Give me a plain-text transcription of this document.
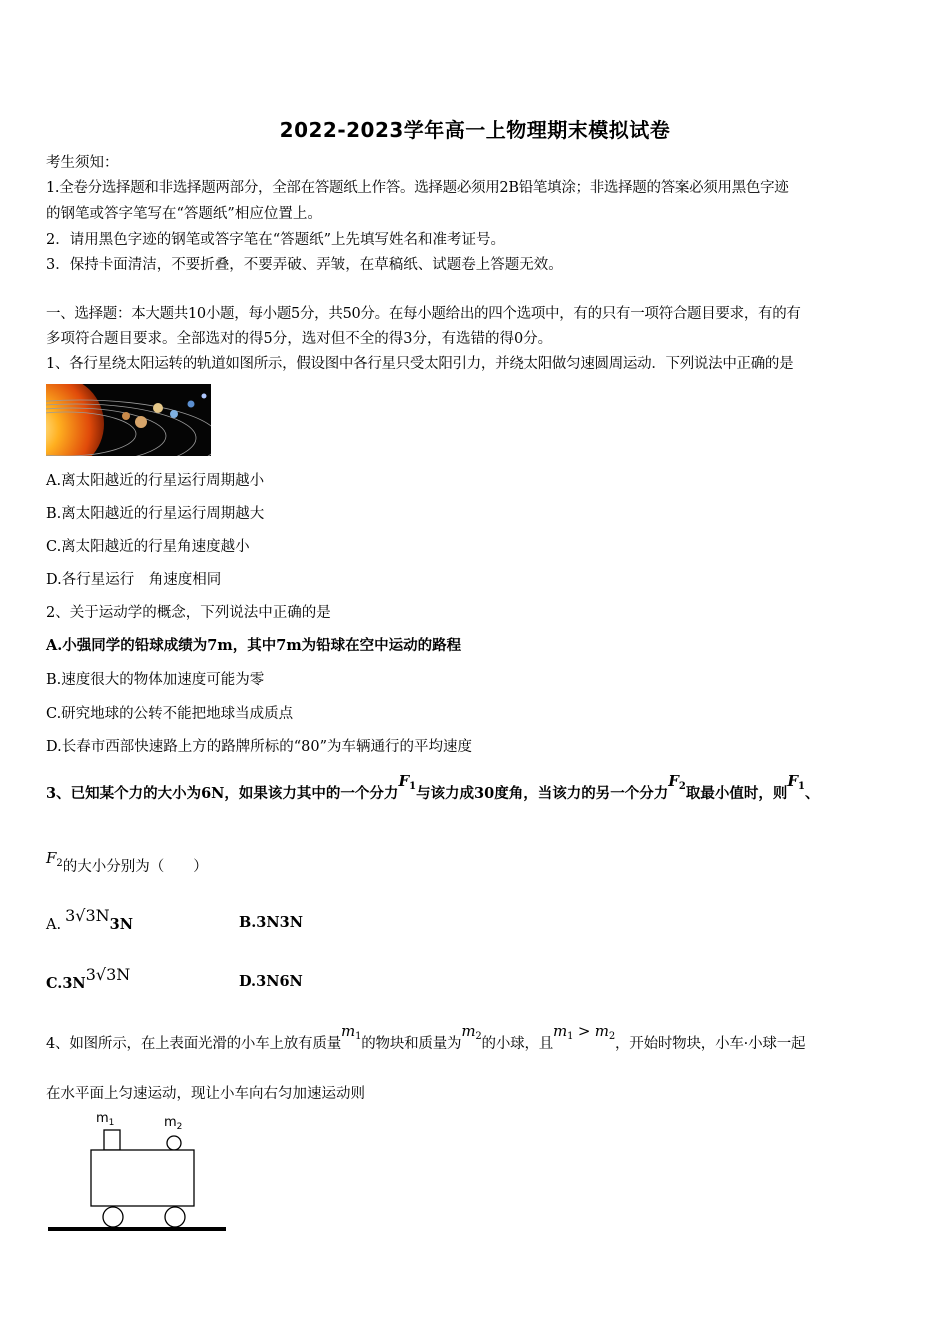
2022-2023学年高一上物理期末模拟试卷
考生须知：
1.全卷分选择题和非选择题两部分，全部在答题纸上作答。选择题必须用2B铅笔填涂；非选择题的答案必须用黑色字迹
的钢笔或答字笔写在“答题纸”相应位置上。
2．请用黑色字迹的钢笔或答字笔在“答题纸”上先填写姓名和准考证号。
3．保持卡面清洁，不要折叠，不要弄破、弄皱，在草稿纸、试题卷上答题无效。
一、选择题：本大题共10小题，每小题5分，共50分。在每小题给出的四个选项中，有的只有一项符合题目要求，有的有
多项符合题目要求。全部选对的得5分，选对但不全的得3分，有选错的得0分。
1、各行星绕太阳运转的轨道如图所示，假设图中各行星只受太阳引力，并绕太阳做匀速圆周运动．下列说法中正确的是
A.离太阳越近的行星运行周期越小
B.离太阳越近的行星运行周期越大
C.离太阳越近的行星角速度越小
D.各行星运行　角速度相同
2、关于运动学的概念，下列说法中正确的是
A.小强同学的铅球成绩为7m，其中7m为铅球在空中运动的路程
B.速度很大的物体加速度可能为零
C.研究地球的公转不能把地球当成质点
D.长春市西部快速路上方的路牌所标的“80”为车辆通行的平均速度
3、已知某个力的大小为6N，如果该力其中的一个分力$F_1$与该力成30度角，当该力的另一个分力$F_2$取最小值时，则$F_1$、
$F_2$的大小分别为（　　）
A. 3√3N3N	B.3N3N
C.3N3√3N	D.3N6N
4、如图所示，在上表面光滑的小车上放有质量$m_1$的物块和质量为$m_2$的小球，且$m_1 > m_2$，开始时物块，小车·小球一起
在水平面上匀速运动，现让小车向右匀加速运动则
$m_1$	$m_2$
